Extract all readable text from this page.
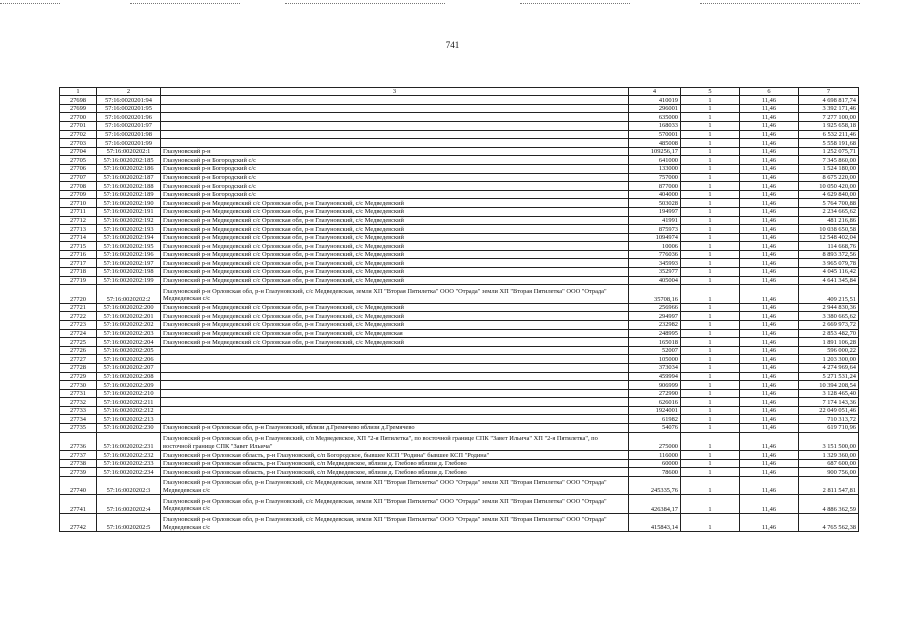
741
1	2	3	4	5	6	7
27698	57:16:0020201:94		410019	1	11,46	4 698 817,74
27699	57:16:0020201:95		296001	1	11,46	3 392 171,46
27700	57:16:0020201:96		635000	1	11,46	7 277 100,00
27701	57:16:0020201:97		168033	1	11,46	1 925 658,18
27702	57:16:0020201:98		570001	1	11,46	6 532 211,46
27703	57:16:0020201:99		485008	1	11,46	5 558 191,68
27704	57:16:0020202:1	Глазуновский р-н	109256,17	1	11,46	1 252 075,71
27705	57:16:0020202:185	Глазуновский р-н Богородский с/с	641000	1	11,46	7 345 860,00
27706	57:16:0020202:186	Глазуновский р-н Богородский с/с	133000	1	11,46	1 524 180,00
27707	57:16:0020202:187	Глазуновский р-н Богородский с/с	757000	1	11,46	8 675 220,00
27708	57:16:0020202:188	Глазуновский р-н Богородский с/с	877000	1	11,46	10 050 420,00
27709	57:16:0020202:189	Глазуновский р-н Богородский с/с	404000	1	11,46	4 629 840,00
27710	57:16:0020202:190	Глазуновский р-н Медведевский с/с Орловская обл, р-н Глазуновский, с/с Медведевский	503028	1	11,46	5 764 700,88
27711	57:16:0020202:191	Глазуновский р-н Медведевский с/с Орловская обл, р-н Глазуновский, с/с Медведевский	194997	1	11,46	2 234 665,62
27712	57:16:0020202:192	Глазуновский р-н Медведевский с/с Орловская обл, р-н Глазуновский, с/с Медведевский	41991	1	11,46	481 216,86
27713	57:16:0020202:193	Глазуновский р-н Медведевский с/с Орловская обл, р-н Глазуновский, с/с Медведевский	875973	1	11,46	10 038 650,58
27714	57:16:0020202:194	Глазуновский р-н Медведевский с/с Орловская обл, р-н Глазуновский, с/с Медведевский	1094974	1	11,46	12 548 402,04
27715	57:16:0020202:195	Глазуновский р-н Медведевский с/с Орловская обл, р-н Глазуновский, с/с Медведевский	10006	1	11,46	114 668,76
27716	57:16:0020202:196	Глазуновский р-н Медведевский с/с Орловская обл, р-н Глазуновский, с/с Медведевский	776036	1	11,46	8 893 372,56
27717	57:16:0020202:197	Глазуновский р-н Медведевский с/с Орловская обл, р-н Глазуновский, с/с Медведевский	345993	1	11,46	3 965 079,78
27718	57:16:0020202:198	Глазуновский р-н Медведевский с/с Орловская обл, р-н Глазуновский, с/с Медведевский	352977	1	11,46	4 045 116,42
27719	57:16:0020202:199	Глазуновский р-н Медведевский с/с Орловская обл, р-н Глазуновский, с/с Медведевский	405004	1	11,46	4 641 345,84
27720	57:16:0020202:2	Глазуновский р-н Орловская обл, р-н Глазуновский, с/с Медведевская, земля ХП "Вторая Пятилетка" ООО "Отрада" земли ХП "Вторая Пятилетка" ООО "Отрада" Медведевская с/с	35708,16	1	11,46	409 215,51
27721	57:16:0020202:200	Глазуновский р-н Медведевский с/с Орловская обл, р-н Глазуновский, с/с Медведевский	256966	1	11,46	2 944 830,36
27722	57:16:0020202:201	Глазуновский р-н Медведевский с/с Орловская обл, р-н Глазуновский, с/с Медведевский	294997	1	11,46	3 380 665,62
27723	57:16:0020202:202	Глазуновский р-н Медведевский с/с Орловская обл, р-н Глазуновский, с/с Медведевский	232982	1	11,46	2 669 973,72
27724	57:16:0020202:203	Глазуновский р-н Медведевский с/с Орловская обл, р-н Глазуновский, с/с Медведевская	248995	1	11,46	2 853 482,70
27725	57:16:0020202:204	Глазуновский р-н Медведевский с/с Орловская обл, р-н Глазуновский, с/с Медведевский	165018	1	11,46	1 891 106,28
27726	57:16:0020202:205		52007	1	11,46	596 000,22
27727	57:16:0020202:206		105000	1	11,46	1 203 300,00
27728	57:16:0020202:207		373034	1	11,46	4 274 969,64
27729	57:16:0020202:208		459994	1	11,46	5 271 531,24
27730	57:16:0020202:209		906999	1	11,46	10 394 208,54
27731	57:16:0020202:210		272990	1	11,46	3 128 465,40
27732	57:16:0020202:211		626016	1	11,46	7 174 143,36
27733	57:16:0020202:212		1924001	1	11,46	22 049 051,46
27734	57:16:0020202:213		61982	1	11,46	710 313,72
27735	57:16:0020202:230	Глазуновский р-н Орловская обл, р-н Глазуновский, вблизи д.Гремячево вблизи д.Гремячево	54076	1	11,46	619 710,96
27736	57:16:0020202:231	Глазуновский р-н Орловская обл, р-н Глазуновский, с/п Медведевское, ХП "2-я Пятилетка", по восточной границе СПК "Завет Ильича" ХП "2-я Пятилетка", по восточной границе СПК "Завет Ильича"	275000	1	11,46	3 151 500,00
27737	57:16:0020202:232	Глазуновский р-н Орловская область, р-н Глазуновский, с/п Богородское, бывшее КСП "Родина" бывшее КСП "Родина"	116000	1	11,46	1 329 360,00
27738	57:16:0020202:233	Глазуновский р-н Орловская область, р-н Глазуновский, с/п Медведевское, вблизи д. Глебово вблизи д. Глебово	60000	1	11,46	687 600,00
27739	57:16:0020202:234	Глазуновский р-н Орловская область, р-н Глазуновский, с/п Медведевское, вблизи д. Глебово вблизи д. Глебово	78600	1	11,46	900 756,00
27740	57:16:0020202:3	Глазуновский р-н Орловская обл, р-н Глазуновский, с/с Медведевская, земля ХП "Вторая Пятилетка" ООО "Отрада" земли ХП "Вторая Пятилетка" ООО "Отрада" Медведевская с/с	245335,76	1	11,46	2 811 547,81
27741	57:16:0020202:4	Глазуновский р-н Орловская обл, р-н Глазуновский, с/с Медведевская, земля ХП "Вторая Пятилетка" ООО "Отрада" земли ХП "Вторая Пятилетка" ООО "Отрада" Медведевская с/с	426384,17	1	11,46	4 886 362,59
27742	57:16:0020202:5	Глазуновский р-н Орловская обл, р-н Глазуновский, с/с Медведевская, земля ХП "Вторая Пятилетка" ООО "Отрада" земли ХП "Вторая Пятилетка" ООО "Отрада" Медведевская с/с	415843,14	1	11,46	4 765 562,38
